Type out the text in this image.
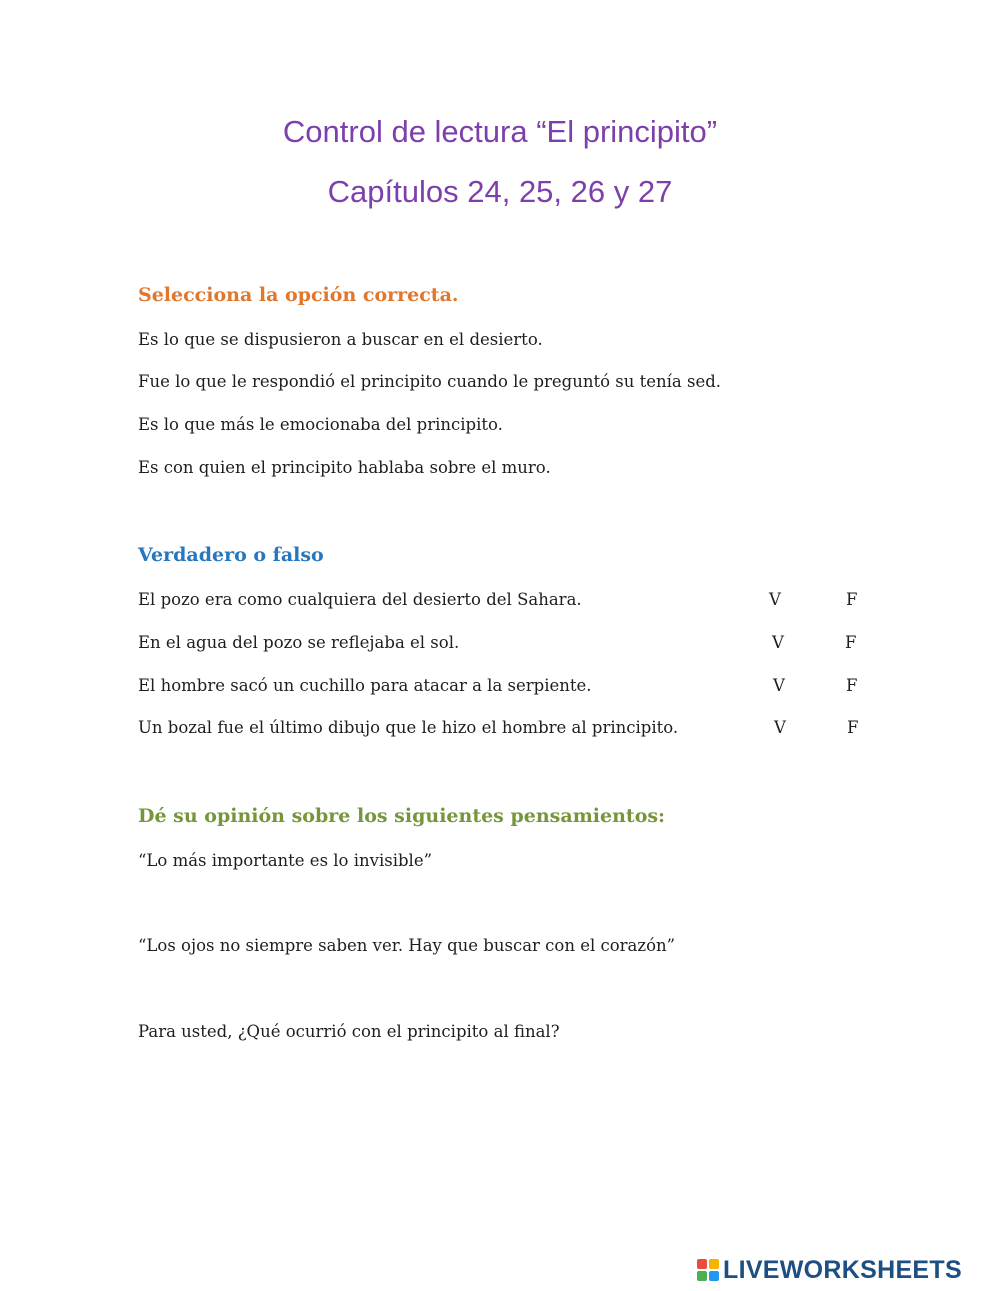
Control de lectura “El principito”
Capítulos 24, 25, 26 y 27
Selecciona la opción correcta.
Es lo que se dispusieron a buscar en el desierto.
Fue lo que le respondió el principito cuando le preguntó su tenía sed.
Es lo que más le emocionaba del principito.
Es con quien el principito hablaba sobre el muro.
Verdadero o falso
El pozo era como cualquiera del desierto del Sahara.	V	F
En el agua del pozo se reflejaba el sol.	V	F
El hombre sacó un cuchillo para atacar a la serpiente.	V	F
Un bozal fue el último dibujo que le hizo el hombre al principito.	V	F
Dé su opinión sobre los siguientes pensamientos:
“Lo más importante es lo invisible”
“Los ojos no siempre saben ver. Hay que buscar con el corazón”
Para usted, ¿Qué ocurrió con el principito al final?
LIVEWORKSHEETS
